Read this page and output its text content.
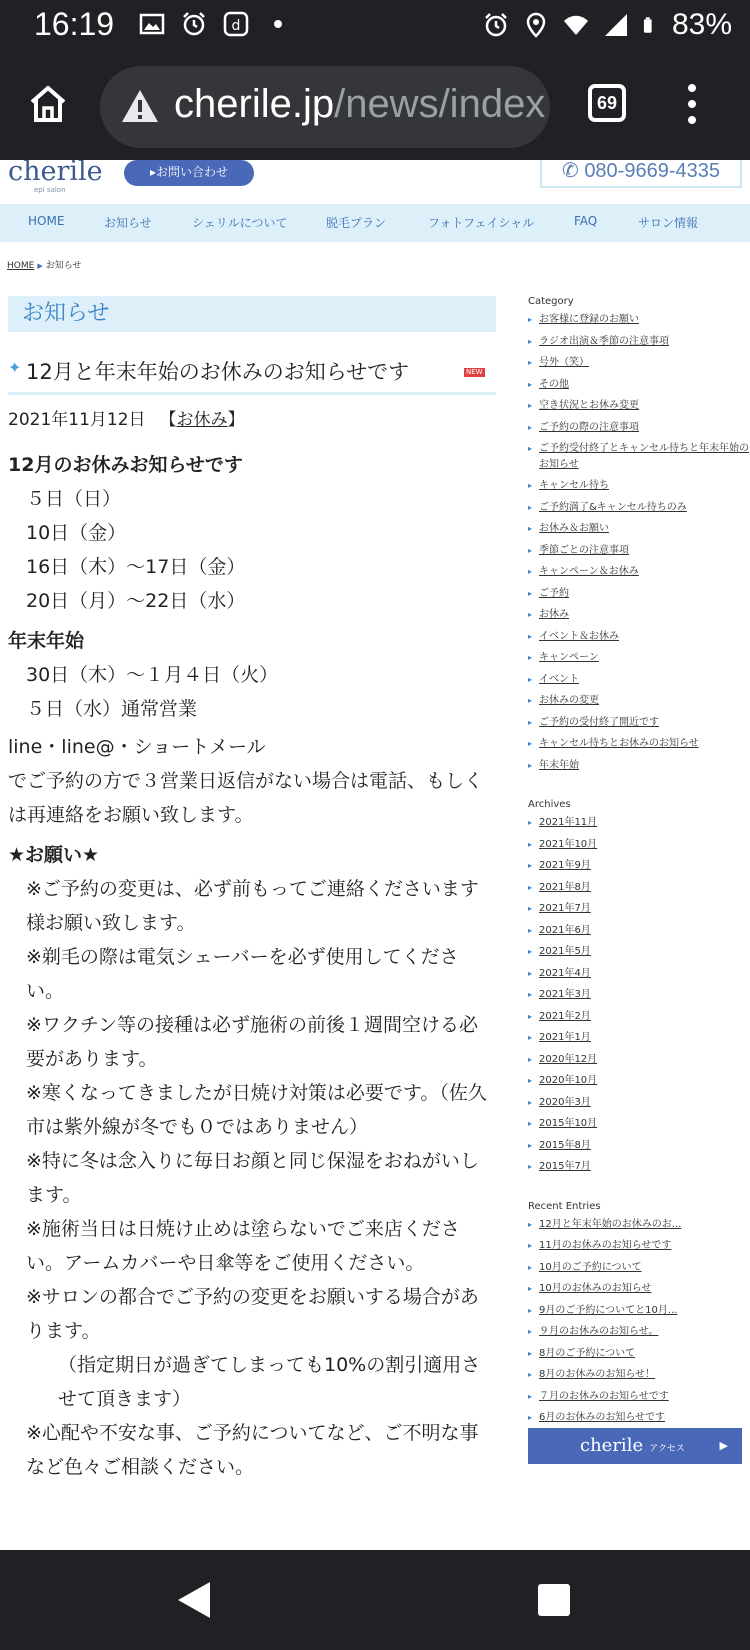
16:19	d	83%
cherile.jp/news/index	69
cherile
epi salon
▸お問い合わせ	✆ 080-9669-4335
HOME	お知らせ	シェリルについて	脱毛プラン	フォトフェイシャル	FAQ	サロン情報
HOME ▶ お知らせ
お知らせ
✦ 12月と年末年始のお休みのお知らせです	NEW
2021年11月12日 【お休み】
12月のお休みお知らせです
５日（日）
10日（金）
16日（木）～17日（金）
20日（月）～22日（水）
年末年始
30日（木）～１月４日（火）
５日（水）通常営業
line・line@・ショートメール
でご予約の方で３営業日返信がない場合は電話、もしくは再連絡をお願い致します。
★お願い★
※ご予約の変更は、必ず前もってご連絡くださいます様お願い致します。
※剃毛の際は電気シェーバーを必ず使用してください。
※ワクチン等の接種は必ず施術の前後１週間空ける必要があります。
※寒くなってきましたが日焼け対策は必要です。（佐久市は紫外線が冬でも０ではありません）
※特に冬は念入りに毎日お顔と同じ保湿をおねがいします。
※施術当日は日焼け止めは塗らないでご来店ください。アームカバーや日傘等をご使用ください。
※サロンの都合でご予約の変更をお願いする場合があります。
（指定期日が過ぎてしまっても10%の割引適用させて頂きます）
※心配や不安な事、ご予約についてなど、ご不明な事など色々ご相談ください。
Category
▸ お客様に登録のお願い
▸ ラジオ出演＆季節の注意事項
▸ 号外（笑）
▸ その他
▸ 空き状況とお休み変更
▸ ご予約の際の注意事項
▸ ご予約受付終了とキャンセル待ちと年末年始のお知らせ
▸ キャンセル待ち
▸ ご予約満了&キャンセル待ちのみ
▸ お休み＆お願い
▸ 季節ごとの注意事項
▸ キャンペーン＆お休み
▸ ご予約
▸ お休み
▸ イベント＆お休み
▸ キャンペーン
▸ イベント
▸ お休みの変更
▸ ご予約の受付終了開近です
▸ キャンセル待ちとお休みのお知らせ
▸ 年末年始
Archives
▸ 2021年11月
▸ 2021年10月
▸ 2021年9月
▸ 2021年8月
▸ 2021年7月
▸ 2021年6月
▸ 2021年5月
▸ 2021年4月
▸ 2021年3月
▸ 2021年2月
▸ 2021年1月
▸ 2020年12月
▸ 2020年10月
▸ 2020年3月
▸ 2015年10月
▸ 2015年8月
▸ 2015年7月
Recent Entries
▸ 12月と年末年始のお休みのお...
▸ 11月のお休みのお知らせです
▸ 10月のご予約について
▸ 10月のお休みのお知らせ
▸ 9月のご予約についてと10月...
▸ ９月のお休みのお知らせ。
▸ 8月のご予約について
▸ 8月のお休みのお知らせ！
▸ ７月のお休みのお知らせです
▸ 6月のお休みのお知らせです
cherile アクセス	▶
